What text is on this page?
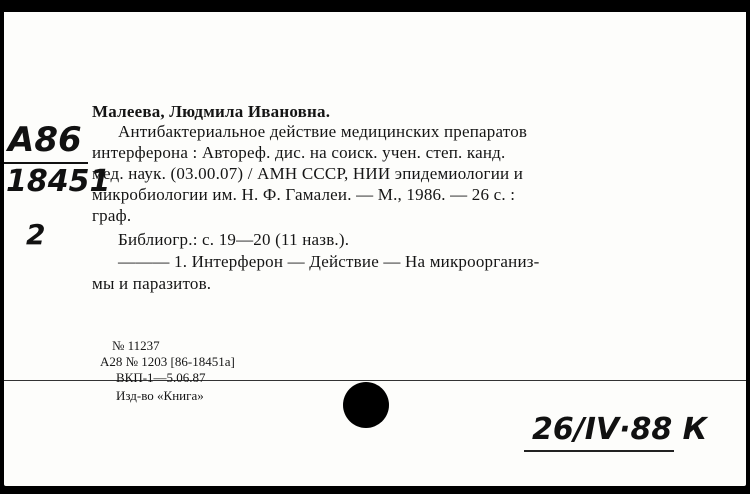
А86
18451
2
Малеева, Людмила Ивановна.
Антибактериальное действие медицинских препаратов
интерферона : Автореф. дис. на соиск. учен. степ. канд.
мед. наук. (03.00.07) / АМН СССР, НИИ эпидемиологии и
микробиологии им. Н. Ф. Гамалеи. — М., 1986. — 26 с. :
граф.
Библиогр.: с. 19—20 (11 назв.).
——— 1. Интерферон — Действие — На микроорганиз-
мы и паразитов.
№ 11237
А28 № 1203 [86-18451а]
ВКП-1—5.06.87
Изд-во «Книга»
26/IV·88 К
